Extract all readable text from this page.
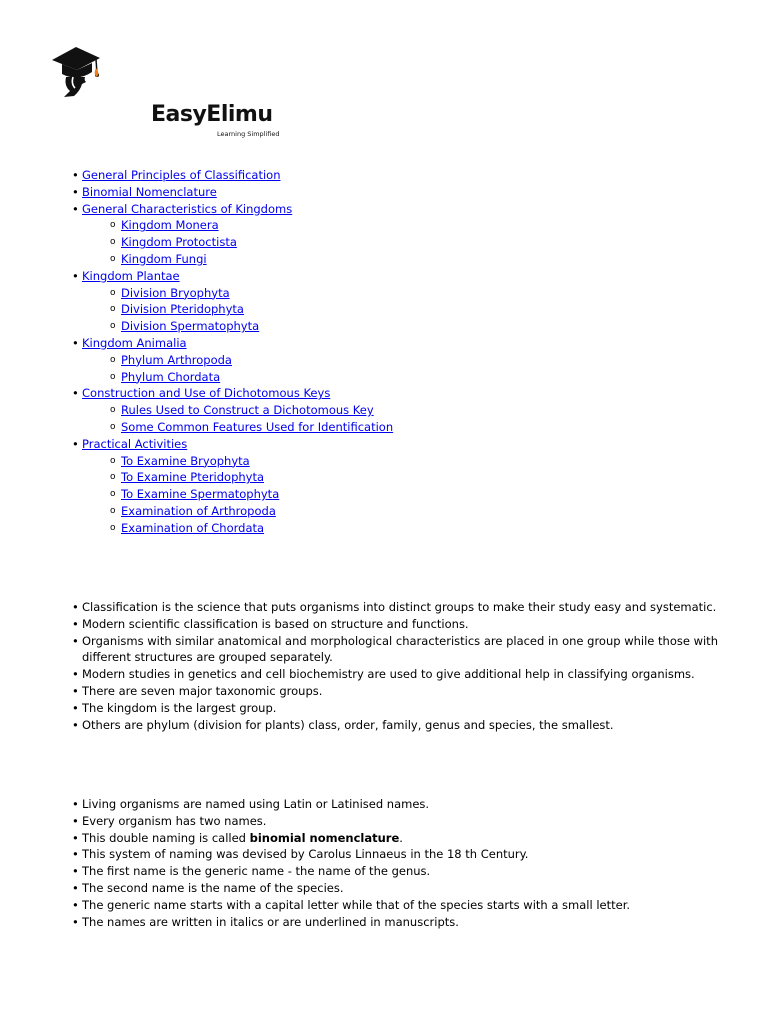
EasyElimu
Learning Simplified
• General Principles of Classification
• Binomial Nomenclature
• General Characteristics of Kingdoms
o Kingdom Monera
o Kingdom Protoctista
o Kingdom Fungi
• Kingdom Plantae
o Division Bryophyta
o Division Pteridophyta
o Division Spermatophyta
• Kingdom Animalia
o Phylum Arthropoda
o Phylum Chordata
• Construction and Use of Dichotomous Keys
o Rules Used to Construct a Dichotomous Key
o Some Common Features Used for Identification
• Practical Activities
o To Examine Bryophyta
o To Examine Pteridophyta
o To Examine Spermatophyta
o Examination of Arthropoda
o Examination of Chordata
• Classification is the science that puts organisms into distinct groups to make their study easy and systematic.
• Modern scientific classification is based on structure and functions.
• Organisms with similar anatomical and morphological characteristics are placed in one group while those with different structures are grouped separately.
• Modern studies in genetics and cell biochemistry are used to give additional help in classifying organisms.
• There are seven major taxonomic groups.
• The kingdom is the largest group.
• Others are phylum (division for plants) class, order, family, genus and species, the smallest.
• Living organisms are named using Latin or Latinised names.
• Every organism has two names.
• This double naming is called binomial nomenclature.
• This system of naming was devised by Carolus Linnaeus in the 18 th Century.
• The first name is the generic name - the name of the genus.
• The second name is the name of the species.
• The generic name starts with a capital letter while that of the species starts with a small letter.
• The names are written in italics or are underlined in manuscripts.
